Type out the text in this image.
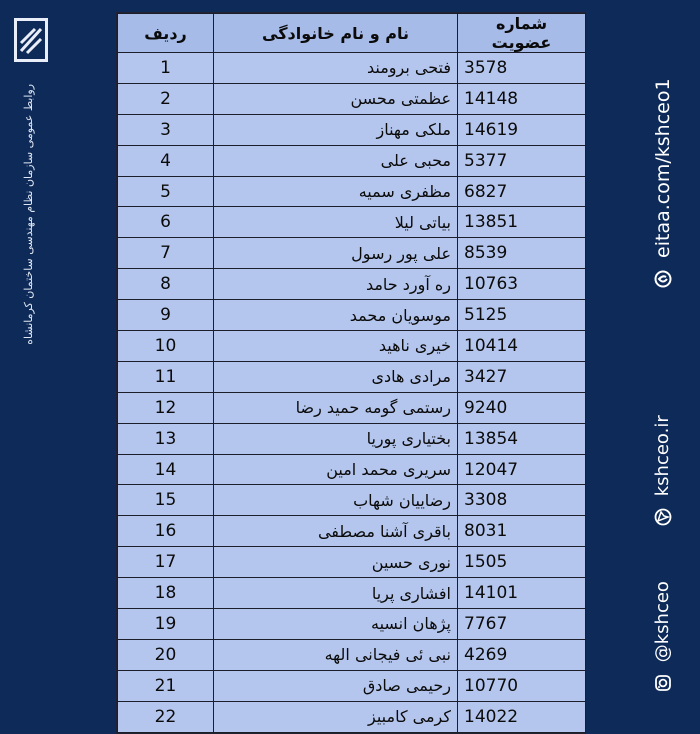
روابط عمومی سازمان نظام مهندسی ساختمان کرمانشاه
شماره عضویت	نام و نام خانوادگی	ردیف
3578	فتحی برومند	1
14148	عظمتی محسن	2
14619	ملکی مهناز	3
5377	محبی علی	4
6827	مظفری سمیه	5
13851	بیاتی لیلا	6
8539	علی پور رسول	7
10763	ره آورد حامد	8
5125	موسویان محمد	9
10414	خیری ناهید	10
3427	مرادی هادی	11
9240	رستمی گومه حمید رضا	12
13854	بختیاری پوریا	13
12047	سریری محمد امین	14
3308	رضاییان شهاب	15
8031	باقری آشنا مصطفی	16
1505	نوری حسین	17
14101	افشاری پریا	18
7767	پژهان انسیه	19
4269	نبی ئی فیجانی الهه	20
10770	رحیمی صادق	21
14022	کرمی کامبیز	22
eitaa.com/kshceo1
kshceo.ir
@kshceo
